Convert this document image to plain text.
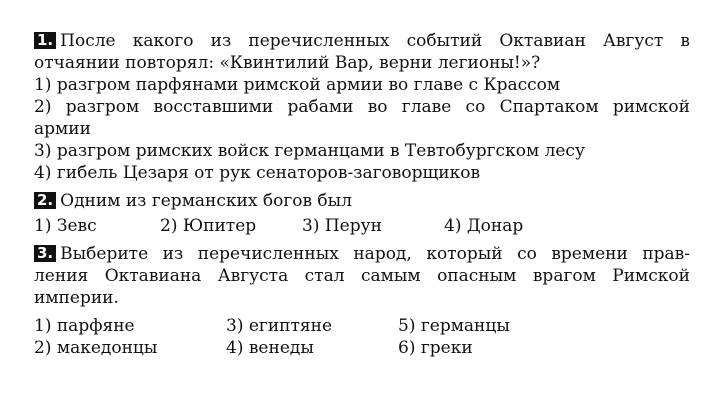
1. После какого из перечисленных событий Октавиан Август в
отчаянии повторял: «Квинтилий Вар, верни легионы!»?
1) разгром парфянами римской армии во главе с Крассом
2) разгром восставшими рабами во главе со Спартаком римской
армии
3) разгром римских войск германцами в Тевтобургском лесу
4) гибель Цезаря от рук сенаторов-заговорщиков
2. Одним из германских богов был
1) Зевс	2) Юпитер	3) Перун	4) Донар
3. Выберите из перечисленных народ, который со времени прав-
ления Октавиана Августа стал самым опасным врагом Римской
империи.
1) парфяне	3) египтяне	5) германцы
2) македонцы	4) венеды	6) греки
